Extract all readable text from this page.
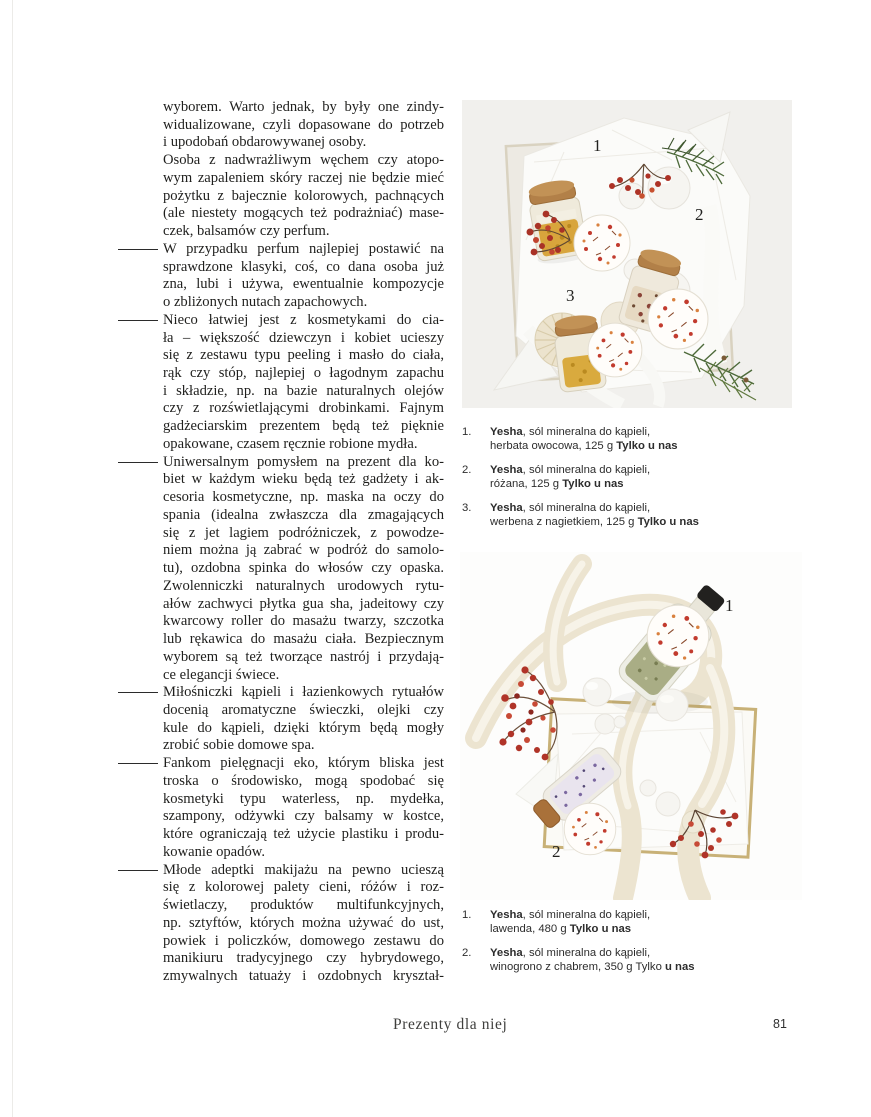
wyborem. Warto jednak, by były one zindy-
widualizowane, czyli dopasowane do potrzeb
i upodobań obdarowywanej osoby.
Osoba z nadwrażliwym węchem czy atopo-
wym zapaleniem skóry raczej nie będzie mieć
pożytku z bajecznie kolorowych, pachnących
(ale niestety mogących też podrażniać) mase-
czek, balsamów czy perfum.
W przypadku perfum najlepiej postawić na
sprawdzone klasyki, coś, co dana osoba już
zna, lubi i używa, ewentualnie kompozycje
o zbliżonych nutach zapachowych.
Nieco łatwiej jest z kosmetykami do cia-
ła – większość dziewczyn i kobiet ucieszy
się z zestawu typu peeling i masło do ciała,
rąk czy stóp, najlepiej o łagodnym zapachu
i składzie, np. na bazie naturalnych olejów
czy z rozświetlającymi drobinkami. Fajnym
gadżeciarskim prezentem będą też pięknie
opakowane, czasem ręcznie robione mydła.
Uniwersalnym pomysłem na prezent dla ko-
biet w każdym wieku będą też gadżety i ak-
cesoria kosmetyczne, np. maska na oczy do
spania (idealna zwłaszcza dla zmagających
się z jet lagiem podróżniczek, z powodze-
niem można ją zabrać w podróż do samolo-
tu), ozdobna spinka do włosów czy opaska.
Zwolenniczki naturalnych urodowych rytu-
ałów zachwyci płytka gua sha, jadeitowy czy
kwarcowy roller do masażu twarzy, szczotka
lub rękawica do masażu ciała. Bezpiecznym
wyborem są też tworzące nastrój i przydają-
ce elegancji świece.
Miłośniczki kąpieli i łazienkowych rytuałów
docenią aromatyczne świeczki, olejki czy
kule do kąpieli, dzięki którym będą mogły
zrobić sobie domowe spa.
Fankom pielęgnacji eko, którym bliska jest
troska o środowisko, mogą spodobać się
kosmetyki typu waterless, np. mydełka,
szampony, odżywki czy balsamy w kostce,
które ograniczają też użycie plastiku i produ-
kowanie opadów.
Młode adeptki makijażu na pewno ucieszą
się z kolorowej palety cieni, różów i roz-
świetlaczy, produktów multifunkcyjnych,
np. sztyftów, których można używać do ust,
powiek i policzków, domowego zestawu do
manikiuru tradycyjnego czy hybrydowego,
zmywalnych tatuaży i ozdobnych kryształ-
1
2
3
1.	Yesha, sól mineralna do kąpieli,
herbata owocowa, 125 g Tylko u nas
2.	Yesha, sól mineralna do kąpieli,
różana, 125 g Tylko u nas
3.	Yesha, sól mineralna do kąpieli,
werbena z nagietkiem, 125 g Tylko u nas
1
2
1.	Yesha, sól mineralna do kąpieli,
lawenda, 480 g Tylko u nas
2.	Yesha, sól mineralna do kąpieli,
winogrono z chabrem, 350 g Tylko u nas
Prezenty dla niej	81
